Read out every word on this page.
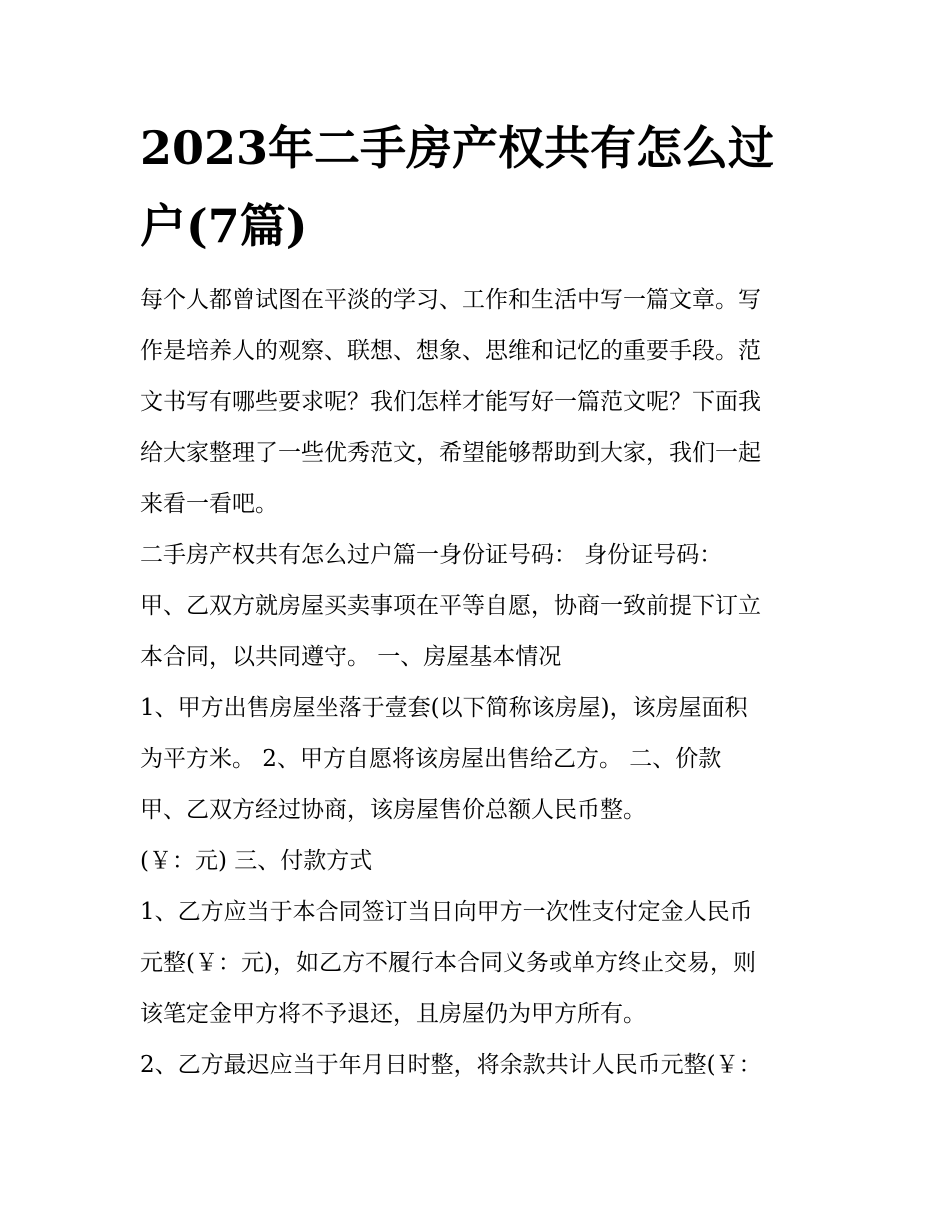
2023年二手房产权共有怎么过户(7篇)

每个人都曾试图在平淡的学习、工作和生活中写一篇文章。写

作是培养人的观察、联想、想象、思维和记忆的重要手段。范

文书写有哪些要求呢？我们怎样才能写好一篇范文呢？下面我

给大家整理了一些优秀范文，希望能够帮助到大家，我们一起

来看一看吧。

二手房产权共有怎么过户篇一身份证号码： 身份证号码：

甲、乙双方就房屋买卖事项在平等自愿，协商一致前提下订立

本合同，以共同遵守。 一、房屋基本情况

1、甲方出售房屋坐落于壹套(以下简称该房屋)，该房屋面积

为平方米。 2、甲方自愿将该房屋出售给乙方。 二、价款

甲、乙双方经过协商，该房屋售价总额人民币整。

(￥：元) 三、付款方式

1、乙方应当于本合同签订当日向甲方一次性支付定金人民币

元整(￥：元)，如乙方不履行本合同义务或单方终止交易，则

该笔定金甲方将不予退还，且房屋仍为甲方所有。

2、乙方最迟应当于年月日时整，将余款共计人民币元整(￥：
